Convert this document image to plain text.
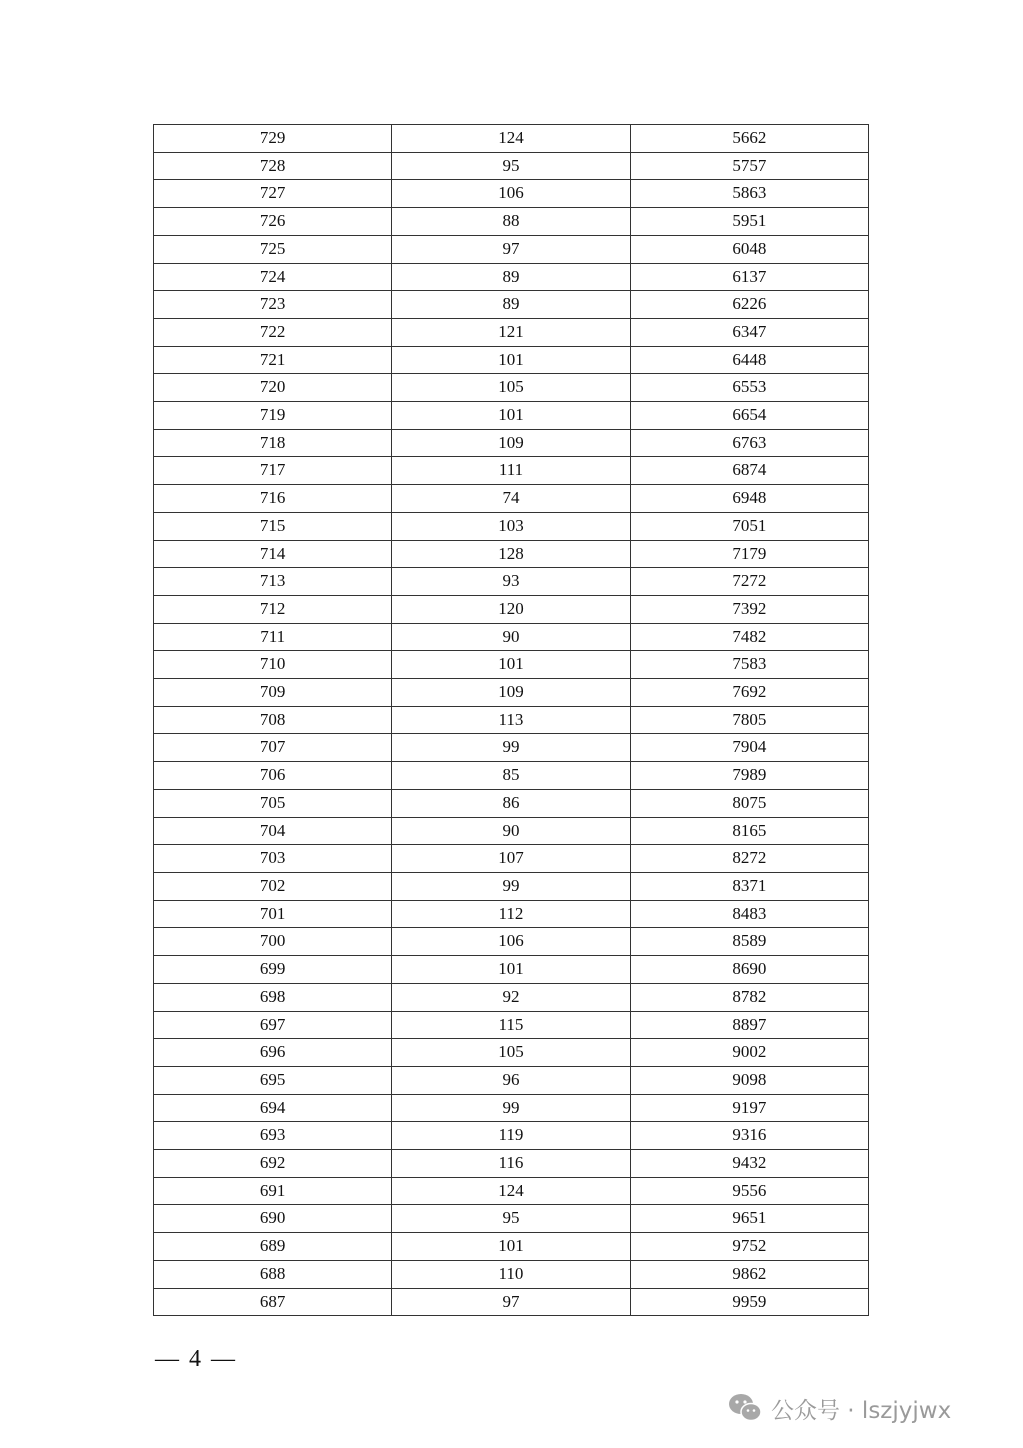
729	124	5662
728	95	5757
727	106	5863
726	88	5951
725	97	6048
724	89	6137
723	89	6226
722	121	6347
721	101	6448
720	105	6553
719	101	6654
718	109	6763
717	111	6874
716	74	6948
715	103	7051
714	128	7179
713	93	7272
712	120	7392
711	90	7482
710	101	7583
709	109	7692
708	113	7805
707	99	7904
706	85	7989
705	86	8075
704	90	8165
703	107	8272
702	99	8371
701	112	8483
700	106	8589
699	101	8690
698	92	8782
697	115	8897
696	105	9002
695	96	9098
694	99	9197
693	119	9316
692	116	9432
691	124	9556
690	95	9651
689	101	9752
688	110	9862
687	97	9959
— 4 —
公众号 · lszjyjwx
